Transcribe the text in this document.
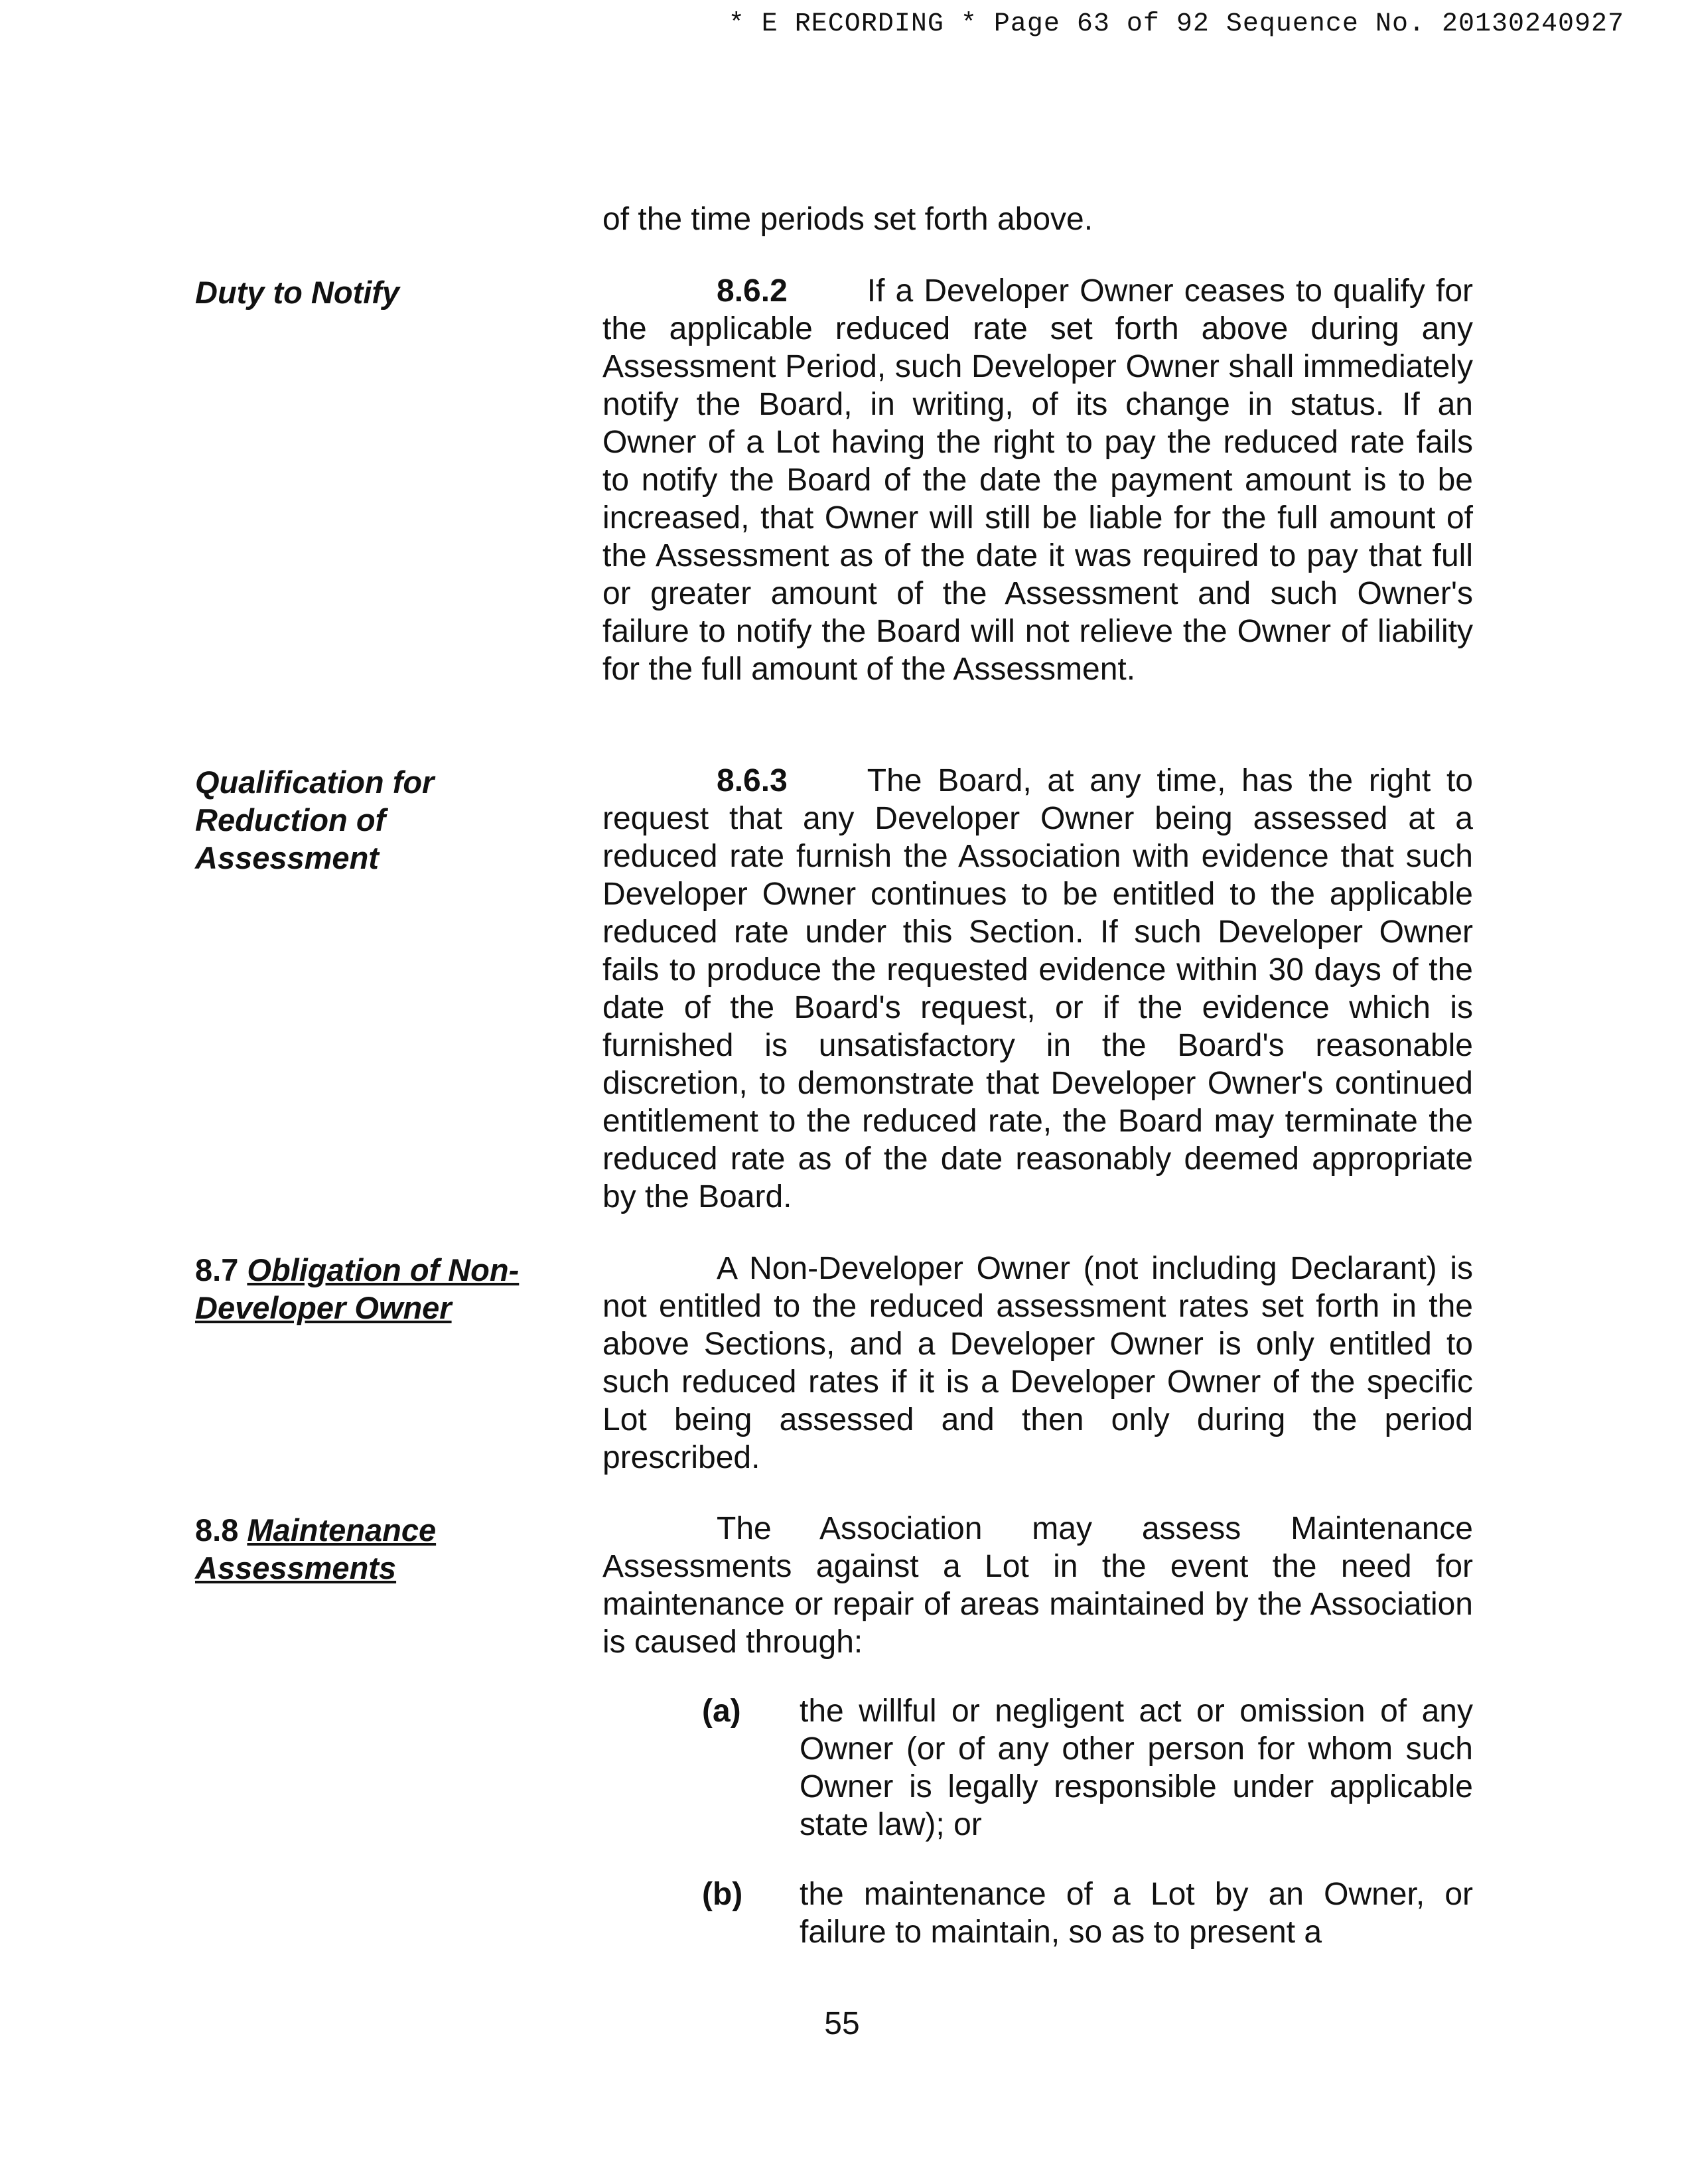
* E RECORDING * Page 63 of 92 Sequence No. 20130240927
of the time periods set forth above.
Duty to Notify	8.6.2	If a Developer Owner ceases to qualify for the applicable reduced rate set forth above during any Assessment Period, such Developer Owner shall immediately notify the Board, in writing, of its change in status. If an Owner of a Lot having the right to pay the reduced rate fails to notify the Board of the date the payment amount is to be increased, that Owner will still be liable for the full amount of the Assessment as of the date it was required to pay that full or greater amount of the Assessment and such Owner's failure to notify the Board will not relieve the Owner of liability for the full amount of the Assessment.
Qualification for Reduction of Assessment
8.6.3	The Board, at any time, has the right to request that any Developer Owner being assessed at a reduced rate furnish the Association with evidence that such Developer Owner continues to be entitled to the applicable reduced rate under this Section. If such Developer Owner fails to produce the requested evidence within 30 days of the date of the Board's request, or if the evidence which is furnished is unsatisfactory in the Board's reasonable discretion, to demonstrate that Developer Owner's continued entitlement to the reduced rate, the Board may terminate the reduced rate as of the date reasonably deemed appropriate by the Board.
8.7 Obligation of Non-Developer Owner
A Non-Developer Owner (not including Declarant) is not entitled to the reduced assessment rates set forth in the above Sections, and a Developer Owner is only entitled to such reduced rates if it is a Developer Owner of the specific Lot being assessed and then only during the period prescribed.
8.8 Maintenance Assessments
The Association may assess Maintenance Assessments against a Lot in the event the need for maintenance or repair of areas maintained by the Association is caused through:
(a) the willful or negligent act or omission of any Owner (or of any other person for whom such Owner is legally responsible under applicable state law); or
(b) the maintenance of a Lot by an Owner, or failure to maintain, so as to present a
55
